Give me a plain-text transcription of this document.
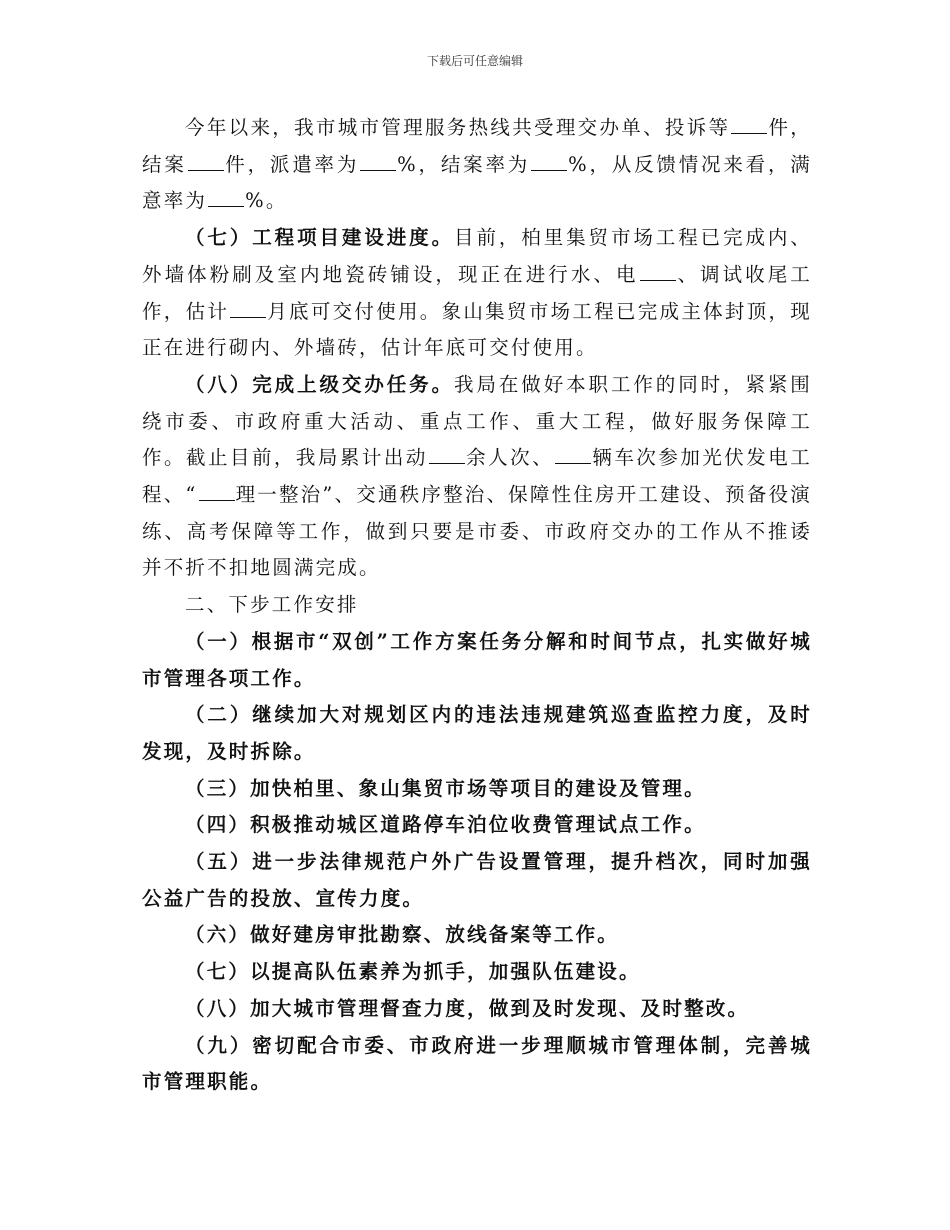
下载后可任意编辑

今年以来，我市城市管理服务热线共受理交办单、投诉等 件，结案 件，派遣率为 %，结案率为 %，从反馈情况来看，满意率为 %。

（七）工程项目建设进度。目前，柏里集贸市场工程已完成内、外墙体粉刷及室内地瓷砖铺设，现正在进行水、电 、调试收尾工作，估计 月底可交付使用。象山集贸市场工程已完成主体封顶，现正在进行砌内、外墙砖，估计年底可交付使用。

（八）完成上级交办任务。我局在做好本职工作的同时，紧紧围绕市委、市政府重大活动、重点工作、重大工程，做好服务保障工作。截止目前，我局累计出动 余人次、 辆车次参加光伏发电工程、“ 理一整治”、交通秩序整治、保障性住房开工建设、预备役演练、高考保障等工作，做到只要是市委、市政府交办的工作从不推诿并不折不扣地圆满完成。

二、下步工作安排

（一）根据市“双创”工作方案任务分解和时间节点，扎实做好城市管理各项工作。

（二）继续加大对规划区内的违法违规建筑巡查监控力度，及时发现，及时拆除。

（三）加快柏里、象山集贸市场等项目的建设及管理。

（四）积极推动城区道路停车泊位收费管理试点工作。

（五）进一步法律规范户外广告设置管理，提升档次，同时加强公益广告的投放、宣传力度。

（六）做好建房审批勘察、放线备案等工作。

（七）以提高队伍素养为抓手，加强队伍建设。

（八）加大城市管理督查力度，做到及时发现、及时整改。

（九）密切配合市委、市政府进一步理顺城市管理体制，完善城市管理职能。
